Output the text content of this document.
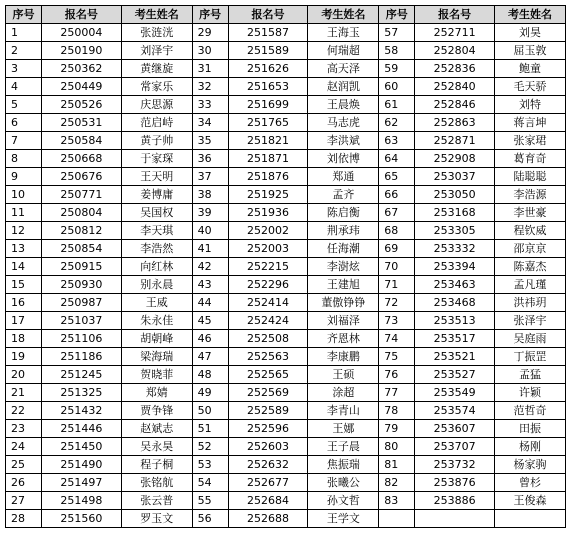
序号	报名号	考生姓名	序号	报名号	考生姓名	序号	报名号	考生姓名
1	250004	张涟洸	29	251587	王海玉	57	252711	刘昊
2	250190	刘泽宇	30	251589	何瑞超	58	252804	屈玉敦
3	250362	黄继旋	31	251626	高天泽	59	252836	鲍童
4	250449	常家乐	32	251653	赵润凯	60	252840	毛天骄
5	250526	庆思源	33	251699	王晨焕	61	252846	刘特
6	250531	范启峙	34	251765	马志虎	62	252863	蒋言坤
7	250584	黄子帅	35	251821	李洪斌	63	252871	张家珺
8	250668	于家琛	36	251871	刘依博	64	252908	葛育奇
9	250676	王天明	37	251876	郑通	65	253037	陆聪聪
10	250771	姜博庸	38	251925	孟齐	66	253050	李浩源
11	250804	吴国权	39	251936	陈启衡	67	253168	李世豪
12	250812	李天琪	40	252002	荆承玮	68	253305	程钦威
13	250854	李浩然	41	252003	任海潮	69	253332	邵京京
14	250915	向红林	42	252215	李澍炫	70	253394	陈嘉杰
15	250930	别永晨	43	252296	王建旭	71	253463	孟凡瑾
16	250987	王威	44	252414	董傲铮铮	72	253468	洪祎玥
17	251037	朱永佳	45	252424	刘福泽	73	253513	张泽宇
18	251106	胡朝峰	46	252508	齐恩林	74	253517	吴庭雨
19	251186	梁海瑞	47	252563	李康鹏	75	253521	丁振罡
20	251245	贺晓菲	48	252565	王硕	76	253527	孟猛
21	251325	郑婧	49	252569	涂超	77	253549	许颖
22	251432	贾争锋	50	252589	李青山	78	253574	范哲奇
23	251446	赵斌志	51	252596	王娜	79	253607	田振
24	251450	吴永昊	52	252603	王子晨	80	253707	杨刚
25	251490	程子桐	53	252632	焦振瑞	81	253732	杨家驹
26	251497	张铭航	54	252677	张曦公	82	253876	曾杉
27	251498	张云普	55	252684	孙文哲	83	253886	王俊森
28	251560	罗玉文	56	252688	王学文			
